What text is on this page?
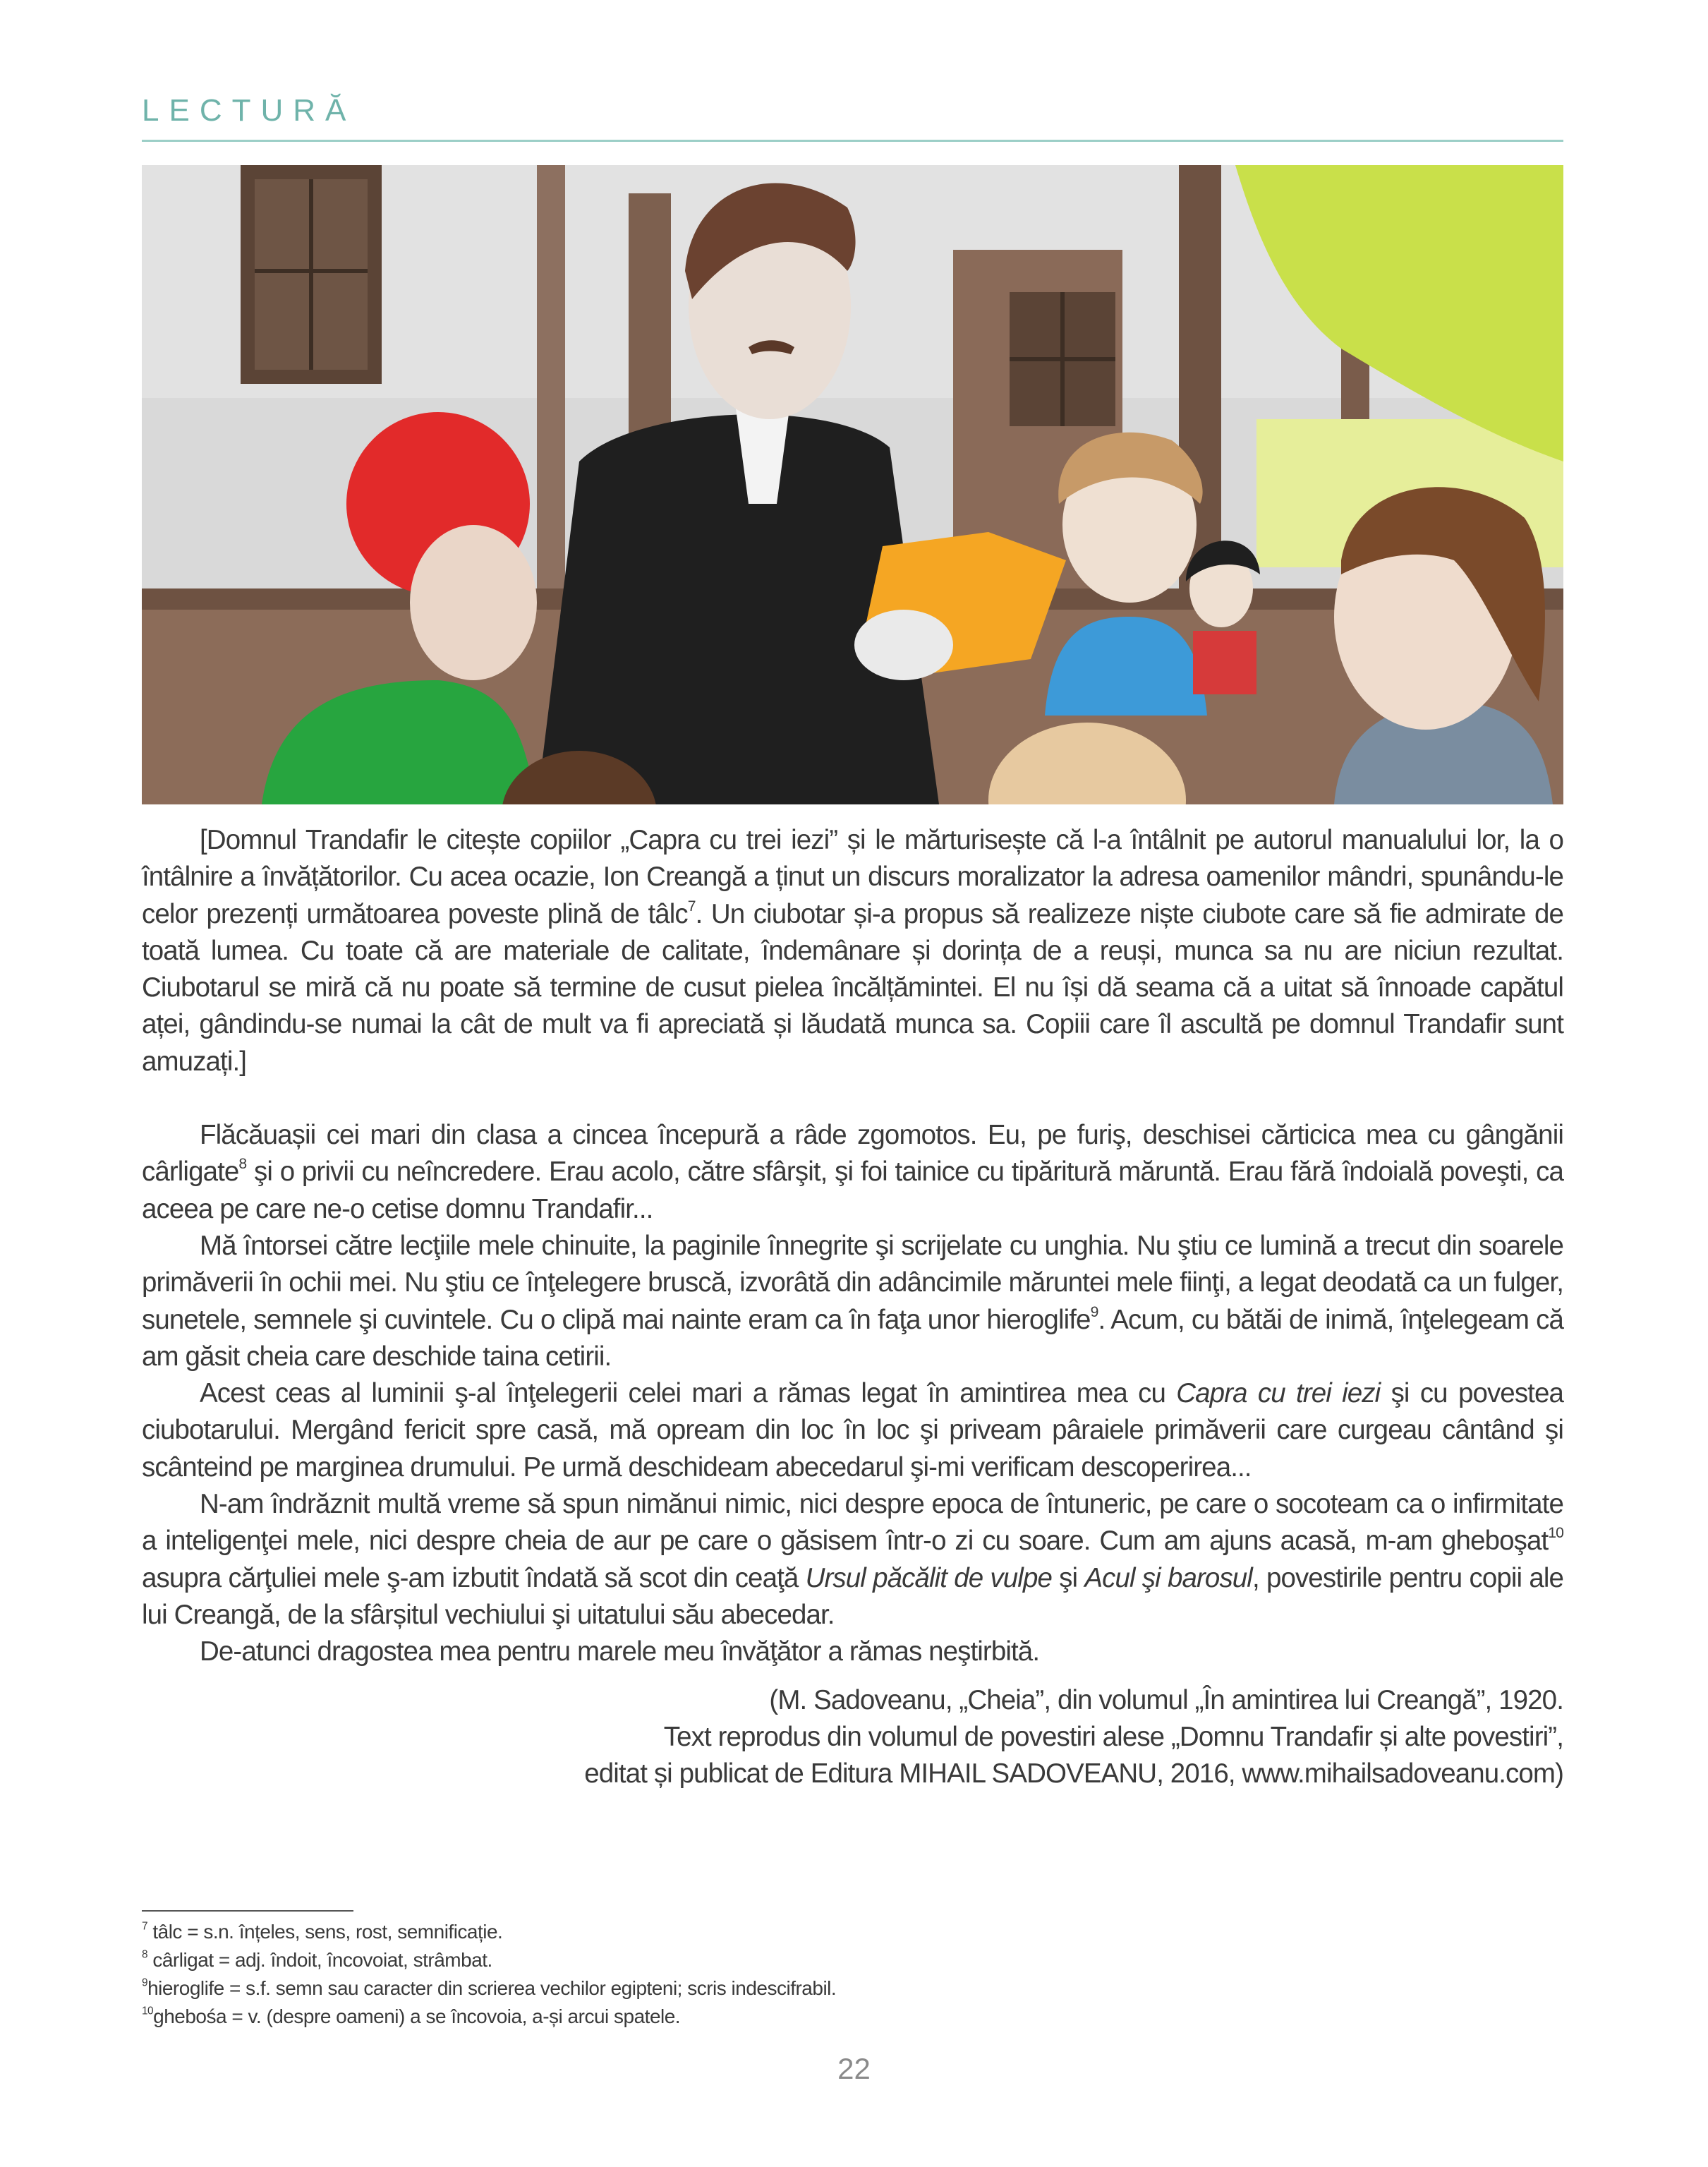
LECTURĂ

[Domnul Trandafir le citește copiilor „Capra cu trei iezi” și le mărturisește că l-a întâlnit pe autorul manualului lor, la o întâlnire a învățătorilor. Cu acea ocazie, Ion Creangă a ținut un discurs moralizator la adresa oamenilor mândri, spunându-le celor prezenți următoarea poveste plină de tâlc$^7$. Un ciubotar și-a propus să realizeze niște ciubote care să fie admirate de toată lumea. Cu toate că are materiale de calitate, îndemânare și dorința de a reuși, munca sa nu are niciun rezultat. Ciubotarul se miră că nu poate să termine de cusut pielea încălțămintei. El nu își dă seama că a uitat să înnoade capătul aței, gândindu-se numai la cât de mult va fi apreciată și lăudată munca sa. Copiii care îl ascultă pe domnul Trandafir sunt amuzați.]

Flăcăuașii cei mari din clasa a cincea începură a râde zgomotos. Eu, pe furiş, deschisei cărticica mea cu gângănii cârligate$^8$ şi o privii cu neîncredere. Erau acolo, către sfârşit, şi foi tainice cu tipăritură măruntă. Erau fără îndoială poveşti, ca aceea pe care ne-o cetise domnu Trandafir...

Mă întorsei către lecţiile mele chinuite, la paginile înnegrite şi scrijelate cu unghia. Nu ştiu ce lumină a trecut din soarele primăverii în ochii mei. Nu ştiu ce înţelegere bruscă, izvorâtă din adâncimile măruntei mele fiinţi, a legat deodată ca un fulger, sunetele, semnele şi cuvintele. Cu o clipă mai nainte eram ca în faţa unor hieroglife$^9$. Acum, cu bătăi de inimă, înţelegeam că am găsit cheia care deschide taina cetirii.

Acest ceas al luminii ş-al înţelegerii celei mari a rămas legat în amintirea mea cu Capra cu trei iezi şi cu povestea ciubotarului. Mergând fericit spre casă, mă opream din loc în loc şi priveam pâraiele primăverii care curgeau cântând şi scânteind pe marginea drumului. Pe urmă deschideam abecedarul şi-mi verificam descoperirea...

N-am îndrăznit multă vreme să spun nimănui nimic, nici despre epoca de întuneric, pe care o socoteam ca o infirmitate a inteligenţei mele, nici despre cheia de aur pe care o găsisem într-o zi cu soare. Cum am ajuns acasă, m-am gheboşat$^{10}$ asupra cărţuliei mele ş-am izbutit îndată să scot din ceaţă Ursul păcălit de vulpe şi Acul şi barosul, povestirile pentru copii ale lui Creangă, de la sfârșitul vechiului şi uitatului său abecedar.

De-atunci dragostea mea pentru marele meu învăţător a rămas neştirbită.

(M. Sadoveanu, „Cheia”, din volumul „În amintirea lui Creangă”, 1920.
Text reprodus din volumul de povestiri alese „Domnu Trandafir și alte povestiri”,
editat și publicat de Editura MIHAIL SADOVEANU, 2016, www.mihailsadoveanu.com)

$^7$ tâlc = s.n. înțeles, sens, rost, semnificație.
$^8$ cârligat = adj. îndoit, încovoiat, strâmbat.
$^9$hieroglife = s.f. semn sau caracter din scrierea vechilor egipteni; scris indescifrabil.
$^{10}$ghebośa = v. (despre oameni) a se încovoia, a-și arcui spatele.
22
